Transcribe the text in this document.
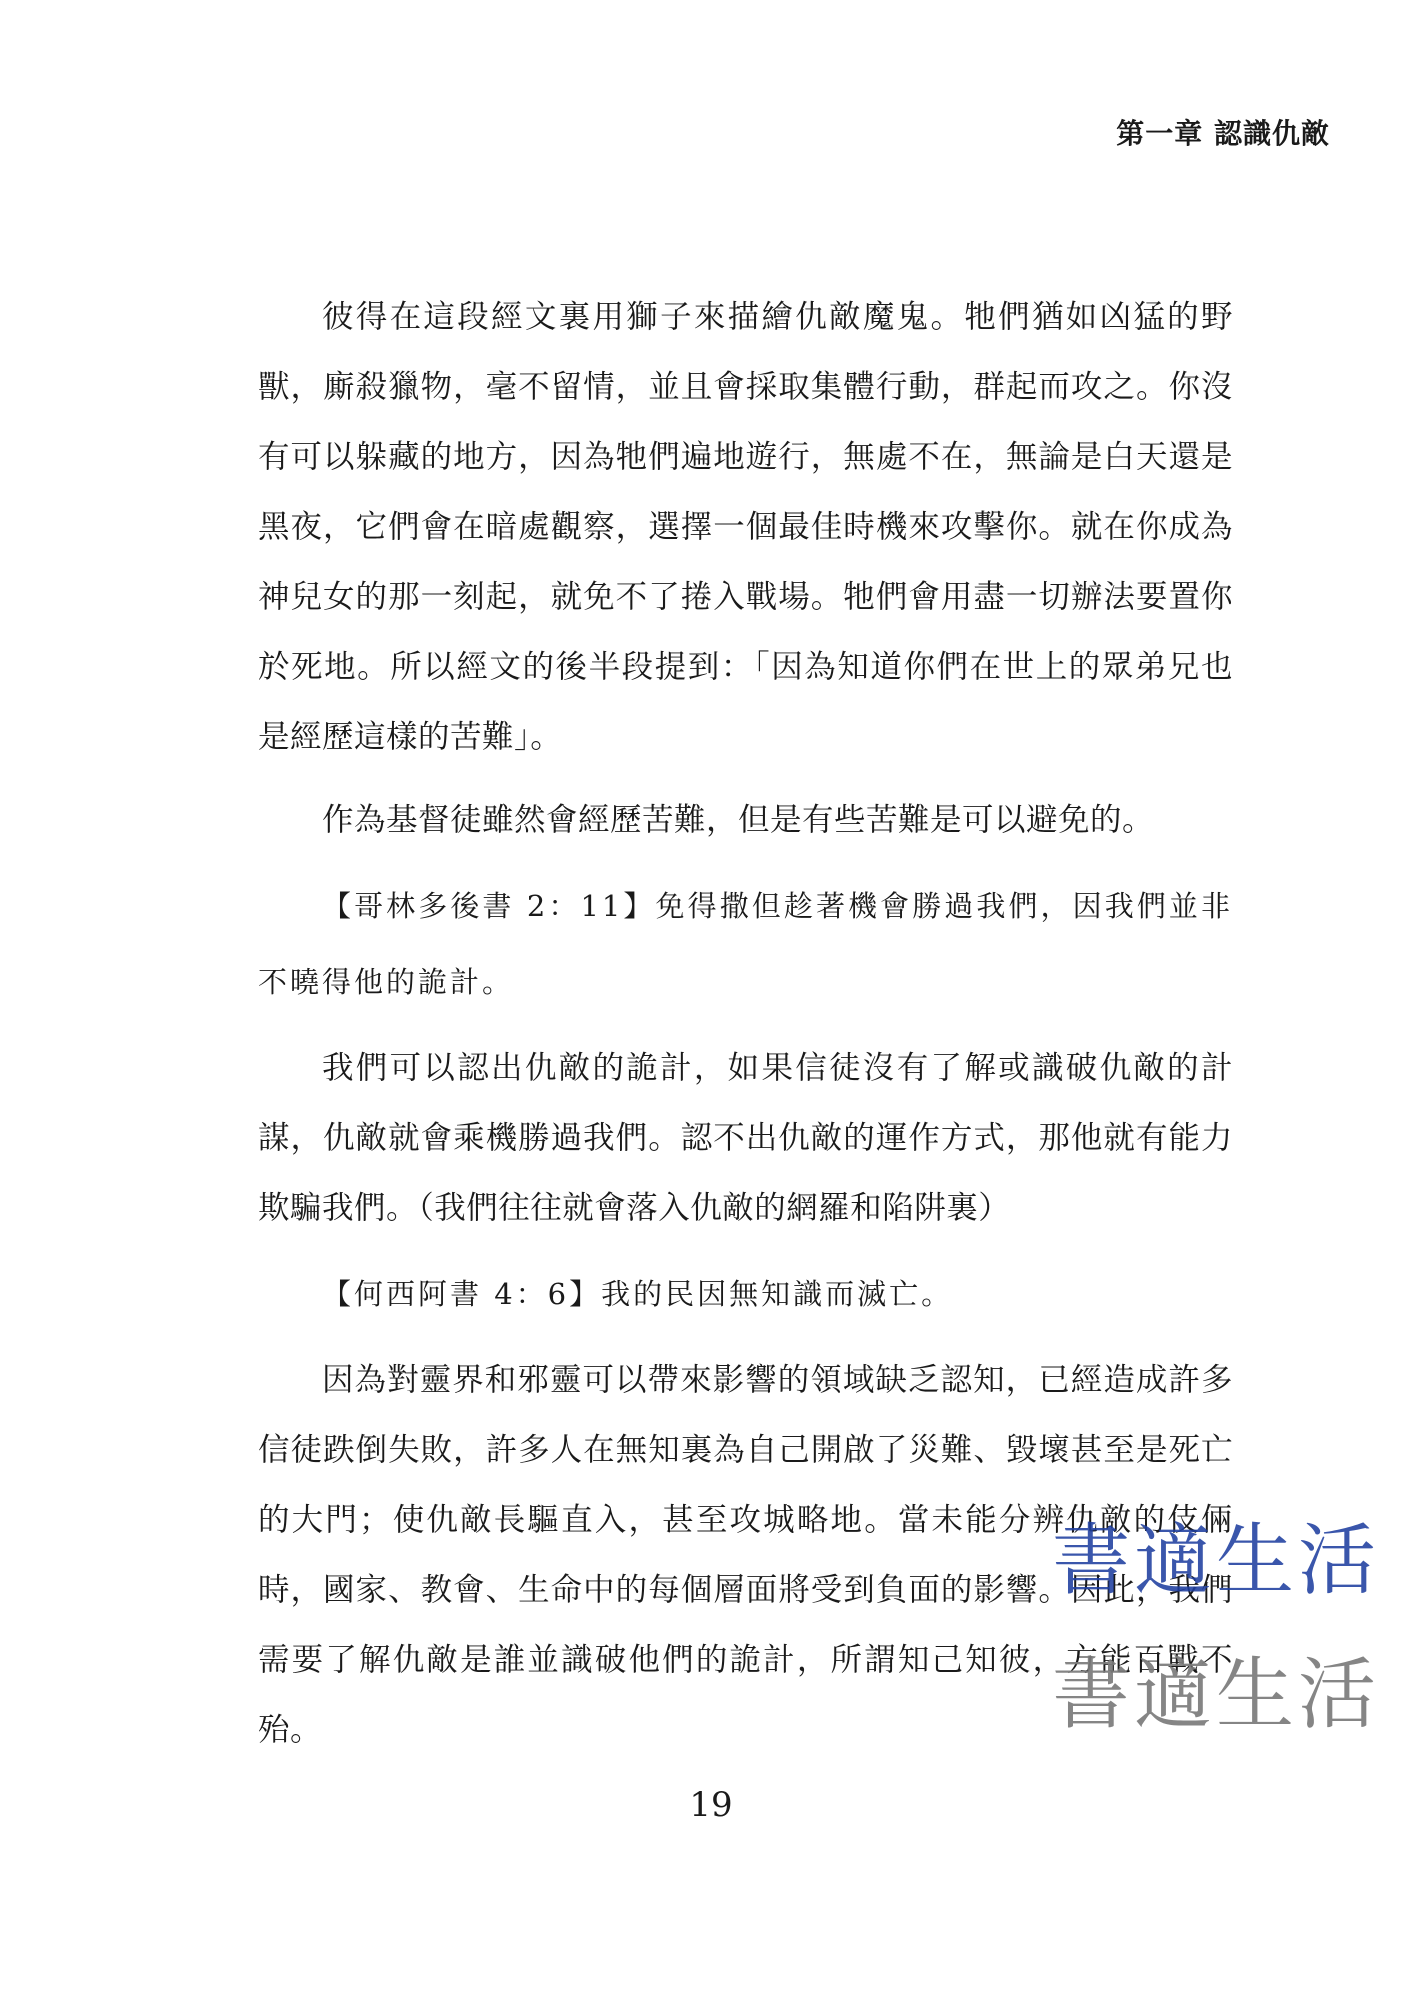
第一章 認識仇敵

彼得在這段經文裏用獅子來描繪仇敵魔鬼。牠們猶如凶猛的野獸，廝殺獵物，毫不留情，並且會採取集體行動，群起而攻之。你沒有可以躲藏的地方，因為牠們遍地遊行，無處不在，無論是白天還是黑夜，它們會在暗處觀察，選擇一個最佳時機來攻擊你。就在你成為神兒女的那一刻起，就免不了捲入戰場。牠們會用盡一切辦法要置你於死地。所以經文的後半段提到：「因為知道你們在世上的眾弟兄也是經歷這樣的苦難」。

作為基督徒雖然會經歷苦難，但是有些苦難是可以避免的。

【哥林多後書 2：11】免得撒但趁著機會勝過我們，因我們並非不曉得他的詭計。

我們可以認出仇敵的詭計，如果信徒沒有了解或識破仇敵的計謀，仇敵就會乘機勝過我們。認不出仇敵的運作方式，那他就有能力欺騙我們。（我們往往就會落入仇敵的網羅和陷阱裏）

【何西阿書 4：6】我的民因無知識而滅亡。

因為對靈界和邪靈可以帶來影響的領域缺乏認知，已經造成許多信徒跌倒失敗，許多人在無知裏為自己開啟了災難、毀壞甚至是死亡的大門；使仇敵長驅直入，甚至攻城略地。當未能分辨仇敵的伎倆時，國家、教會、生命中的每個層面將受到負面的影響。因此，我們需要了解仇敵是誰並識破他們的詭計，所謂知己知彼，方能百戰不殆。

19
書適生活
書適生活
